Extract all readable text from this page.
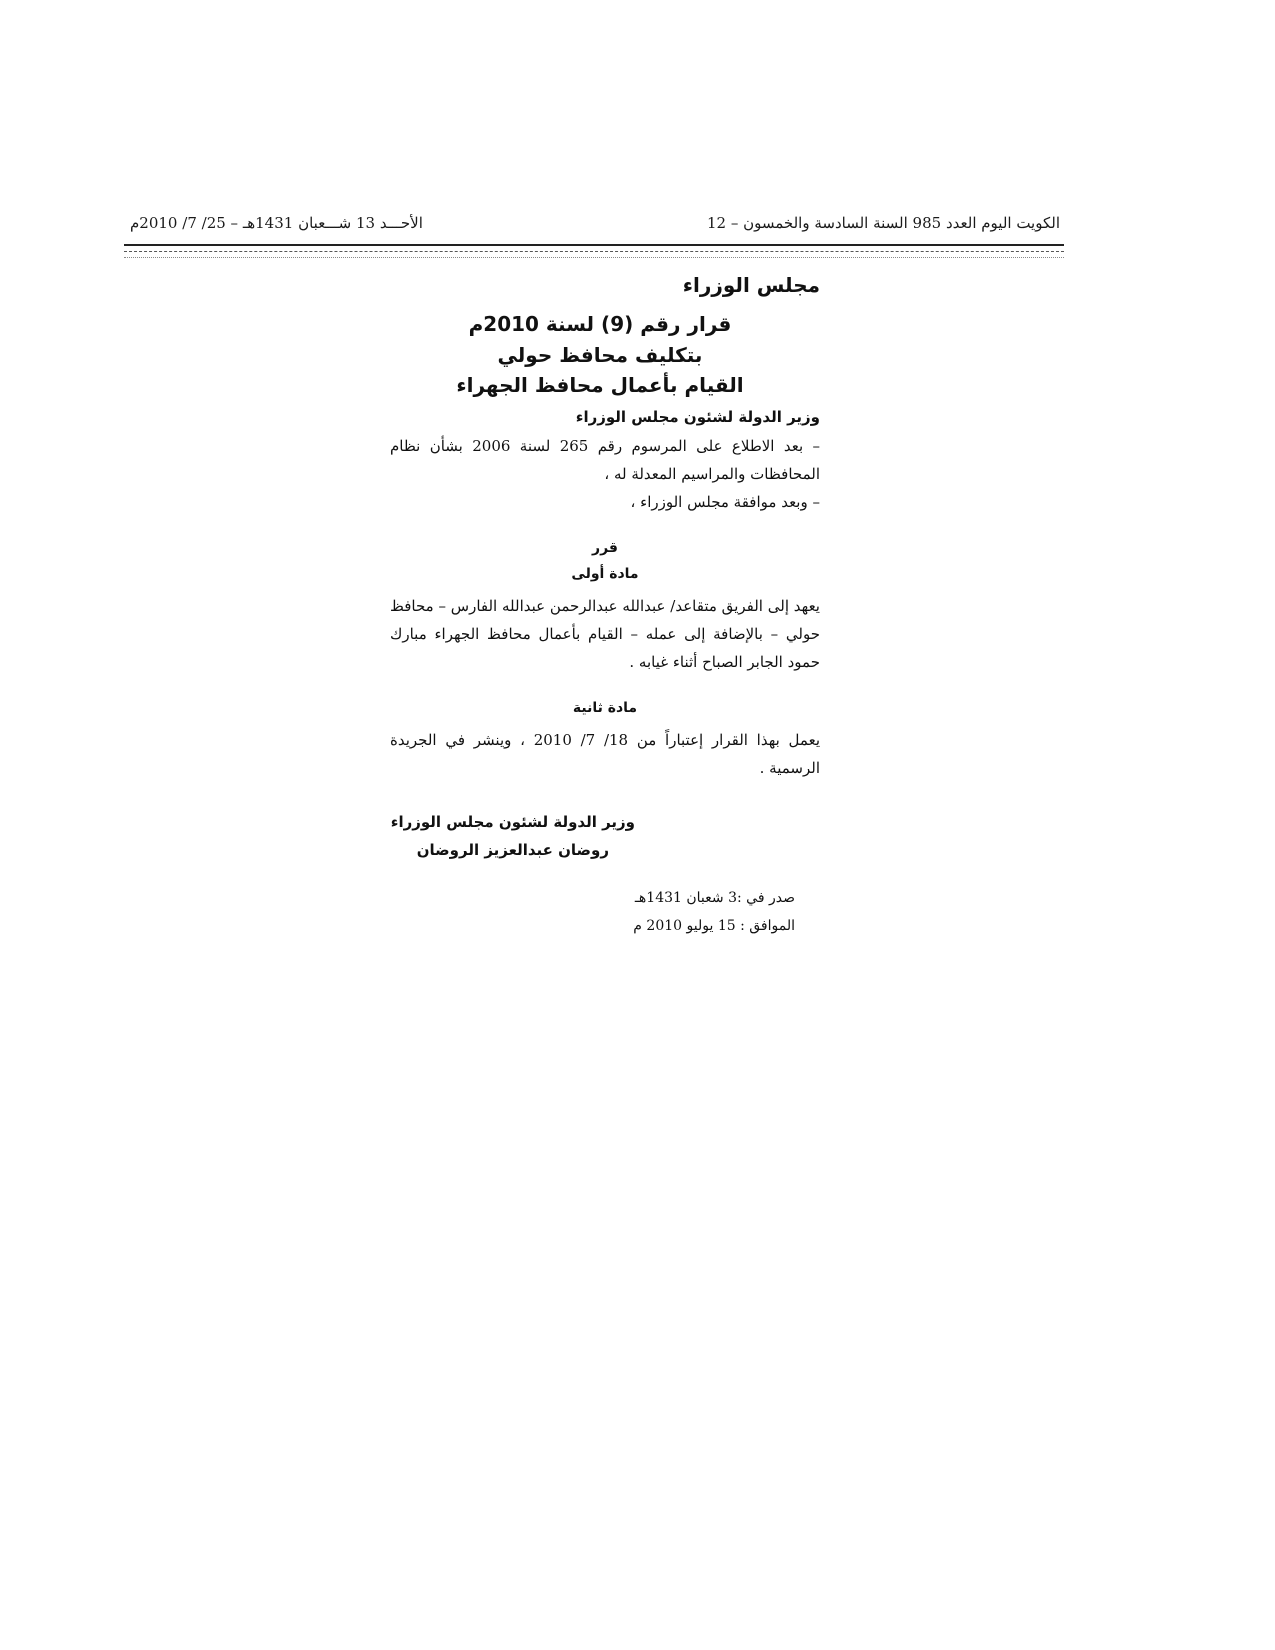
الكويت اليوم العدد 985 السنة السادسة والخمسون – 12
الأحـــد 13 شـــعبان 1431هـ – 25/ 7/ 2010م
مجلس الوزراء
قرار رقم (9) لسنة 2010م
بتكليف محافظ حولي
القيام بأعمال محافظ الجهراء
وزير الدولة لشئون مجلس الوزراء
– بعد الاطلاع على المرسوم رقم 265 لسنة 2006 بشأن نظام المحافظات والمراسيم المعدلة له ،
– وبعد موافقة مجلس الوزراء ،
قرر
مادة أولى
يعهد إلى الفريق متقاعد/ عبدالله عبدالرحمن عبدالله الفارس – محافظ حولي – بالإضافة إلى عمله – القيام بأعمال محافظ الجهراء مبارك حمود الجابر الصباح أثناء غيابه .
مادة ثانية
يعمل بهذا القرار إعتباراً من 18/ 7/ 2010 ، وينشر في الجريدة الرسمية .
وزير الدولة لشئون مجلس الوزراء
روضان عبدالعزيز الروضان
صدر في :3 شعبان 1431هـ
الموافق : 15 يوليو 2010 م
